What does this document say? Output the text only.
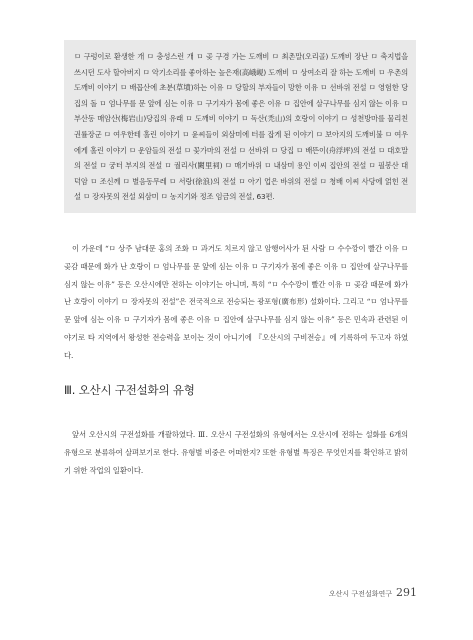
ㅁ 구렁이로 환생한 개 ㅁ 충성스런 개 ㅁ 곶 구경 가는 도깨비 ㅁ 최촌말(오리골) 도깨비 장난 ㅁ 축지법을 쓰시던 도사 할아버지 ㅁ 악기소리를 좋아하는 높은재(高峨峴) 도깨비 ㅁ 상여소리 잘 하는 도깨비 ㅁ 우촌의 도깨비 이야기 ㅁ 배꼽산에 초분(草墳)하는 이유 ㅁ 당할의 부자들이 망한 이유 ㅁ 선바위 전설 ㅁ 영험한 당집의 돌 ㅁ 엄나무를 문 앞에 심는 이유 ㅁ 구기자가 몸에 좋은 이유 ㅁ 집안에 살구나무를 심지 않는 이유 ㅁ 부산동 매암산(梅岩山)당집의 유래 ㅁ 도깨비 이야기 ㅁ 독산(禿山)의 호랑이 이야기 ㅁ 성천방마를 물리친 권률장군 ㅁ 여우한테 홀린 이야기 ㅁ 윤씨들이 외삼미에 터를 잡게 된 이야기 ㅁ 보아지의 도깨비불 ㅁ 여우에게 홀린 이야기 ㅁ 운암들의 전설 ㅁ 꽃가마의 전설 ㅁ 선바위 ㅁ 당집 ㅁ 배뜬이(舟浮坪)의 전설 ㅁ 대호말의 전설 ㅁ 궁터 부지의 전설 ㅁ 궐리사(闕里祠) ㅁ 매기바위 ㅁ 내삼미 용인 이씨 집안의 전설 ㅁ 필봉산 대덕암 ㅁ 조신께 ㅁ 별음동무레 ㅁ 서랑(徐浪)의 전설 ㅁ 아기 업은 바위의 전설 ㅁ 청배 이씨 사당에 얽힌 전설 ㅁ 장자못의 전설 외삼미 ㅁ 농지기와 정조 임금의 전설, 63편.

이 가운데 “ㅁ 상주 남대문 홍의 조화 ㅁ 과거도 치르지 않고 암행어사가 된 사람 ㅁ 수수깡이 빨간 이유 ㅁ 곶감 때문에 화가 난 호랑이 ㅁ 엄나무를 문 앞에 심는 이유 ㅁ 구기자가 몸에 좋은 이유 ㅁ 집안에 살구나무를 심지 않는 이유” 등은 오산시에만 전하는 이야기는 아니며, 특히 “ㅁ 수수깡이 빨간 이유 ㅁ 곶감 때문에 화가 난 호랑이 이야기 ㅁ 장자못의 전설”은 전국적으로 전승되는 광포형(廣布形) 설화이다. 그리고 “ㅁ 엄나무를 문 앞에 심는 이유 ㅁ 구기자가 몸에 좋은 이유 ㅁ 집안에 살구나무를 심지 않는 이유” 등은 민속과 관련된 이야기로 타 지역에서 왕성한 전승력을 보이는 것이 아니기에 『오산시의 구비전승』에 기록하여 두고자 하였다.

Ⅲ. 오산시 구전설화의 유형

앞서 오산시의 구전설화를 개괄하였다. Ⅲ. 오산시 구전설화의 유형에서는 오산시에 전하는 설화를 6개의 유형으로 분류하여 살펴보기로 한다. 유형별 비중은 어떠한지? 또한 유형별 특징은 무엇인지를 확인하고 밝히기 위한 작업의 일환이다.

오산시 구전설화연구 291
